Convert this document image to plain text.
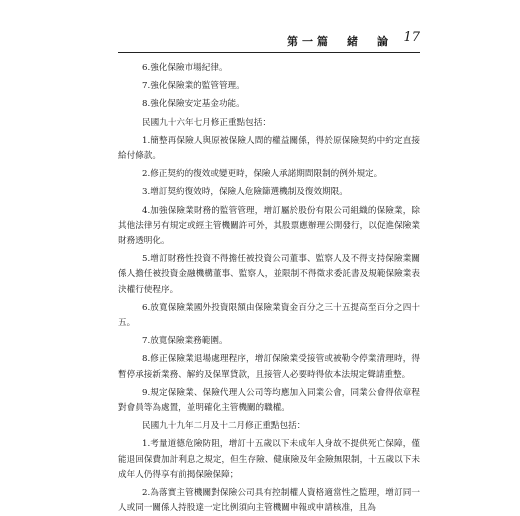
第一篇　緒　論 17

6.強化保險市場紀律。

7.強化保險業的監管管理。

8.強化保險安定基金功能。

民國九十六年七月修正重點包括：

1.簡整再保險人與原被保險人間的權益關係，得於原保險契約中約定直接給付條款。

2.修正契約的復效或變更時，保險人承諾期間限制的例外規定。

3.增訂契約復效時，保險人危險篩選機制及復效期限。

4.加強保險業財務的監管管理，增訂屬於股份有限公司組織的保險業，除其他法律另有規定或經主管機關許可外，其股票應辦理公開發行，以促進保險業財務透明化。

5.增訂財務性投資不得擔任被投資公司董事、監察人及不得支持保險業關係人擔任被投資金融機構董事、監察人，並限制不得徵求委託書及規範保險業表決權行使程序。

6.放寬保險業國外投資限額由保險業資金百分之三十五提高至百分之四十五。

7.放寬保險業務範圍。

8.修正保險業退場處理程序，增訂保險業受接管或被勒令停業清理時，得暫停承接新業務、解約及保單貸款，且接管人必要時得依本法規定聲請重整。

9.規定保險業、保險代理人公司等均應加入同業公會，同業公會得依章程對會員等為處置，並明確化主管機關的職權。

民國九十九年二月及十二月修正重點包括：

1.考量道德危險防阻，增訂十五歲以下未成年人身故不提供死亡保障，僅能退回保費加計利息之規定，但生存險、健康險及年金險無限制，十五歲以下未成年人仍得享有前揭保險保障；

2.為落實主管機關對保險公司具有控制權人資格適當性之監理，增訂同一人或同一關係人持股達一定比例須向主管機關申報或申請核准，且為
